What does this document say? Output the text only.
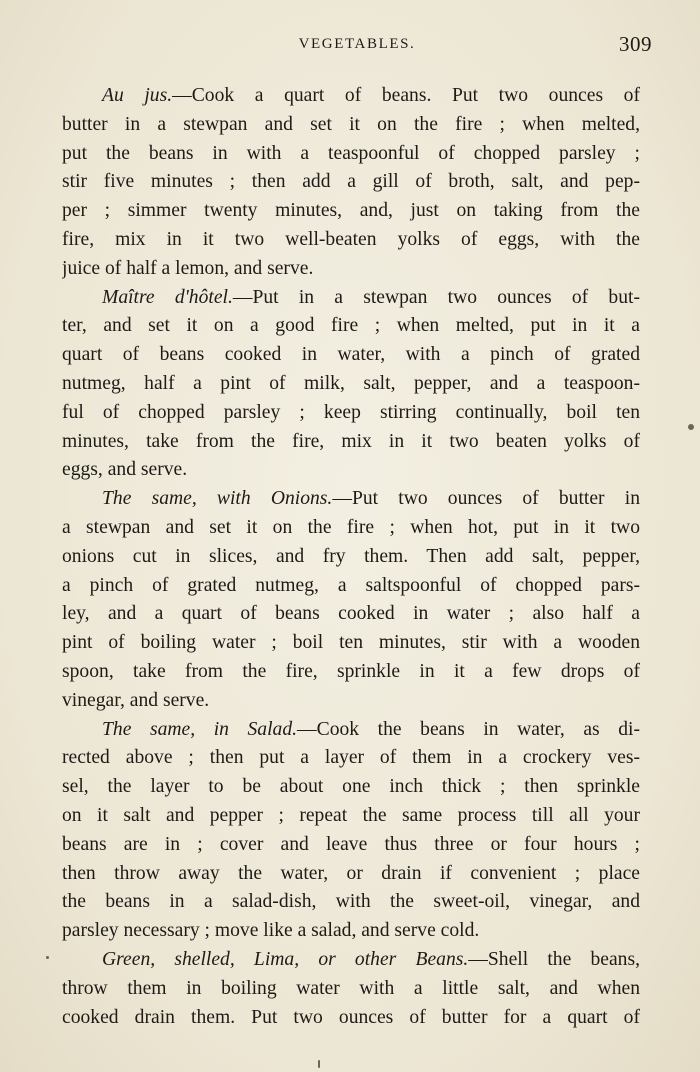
VEGETABLES.	309
Au jus.—Cook a quart of beans. Put two ounces of
butter in a stewpan and set it on the fire ; when melted,
put the beans in with a teaspoonful of chopped parsley ;
stir five minutes ; then add a gill of broth, salt, and pep-
per ; simmer twenty minutes, and, just on taking from the
fire, mix in it two well-beaten yolks of eggs, with the
juice of half a lemon, and serve.
Maître d'hôtel.—Put in a stewpan two ounces of but-
ter, and set it on a good fire ; when melted, put in it a
quart of beans cooked in water, with a pinch of grated
nutmeg, half a pint of milk, salt, pepper, and a teaspoon-
ful of chopped parsley ; keep stirring continually, boil ten
minutes, take from the fire, mix in it two beaten yolks of
eggs, and serve.
The same, with Onions.—Put two ounces of butter in
a stewpan and set it on the fire ; when hot, put in it two
onions cut in slices, and fry them. Then add salt, pepper,
a pinch of grated nutmeg, a saltspoonful of chopped pars-
ley, and a quart of beans cooked in water ; also half a
pint of boiling water ; boil ten minutes, stir with a wooden
spoon, take from the fire, sprinkle in it a few drops of
vinegar, and serve.
The same, in Salad.—Cook the beans in water, as di-
rected above ; then put a layer of them in a crockery ves-
sel, the layer to be about one inch thick ; then sprinkle
on it salt and pepper ; repeat the same process till all your
beans are in ; cover and leave thus three or four hours ;
then throw away the water, or drain if convenient ; place
the beans in a salad-dish, with the sweet-oil, vinegar, and
parsley necessary ; move like a salad, and serve cold.
Green, shelled, Lima, or other Beans.—Shell the beans,
throw them in boiling water with a little salt, and when
cooked drain them. Put two ounces of butter for a quart of
